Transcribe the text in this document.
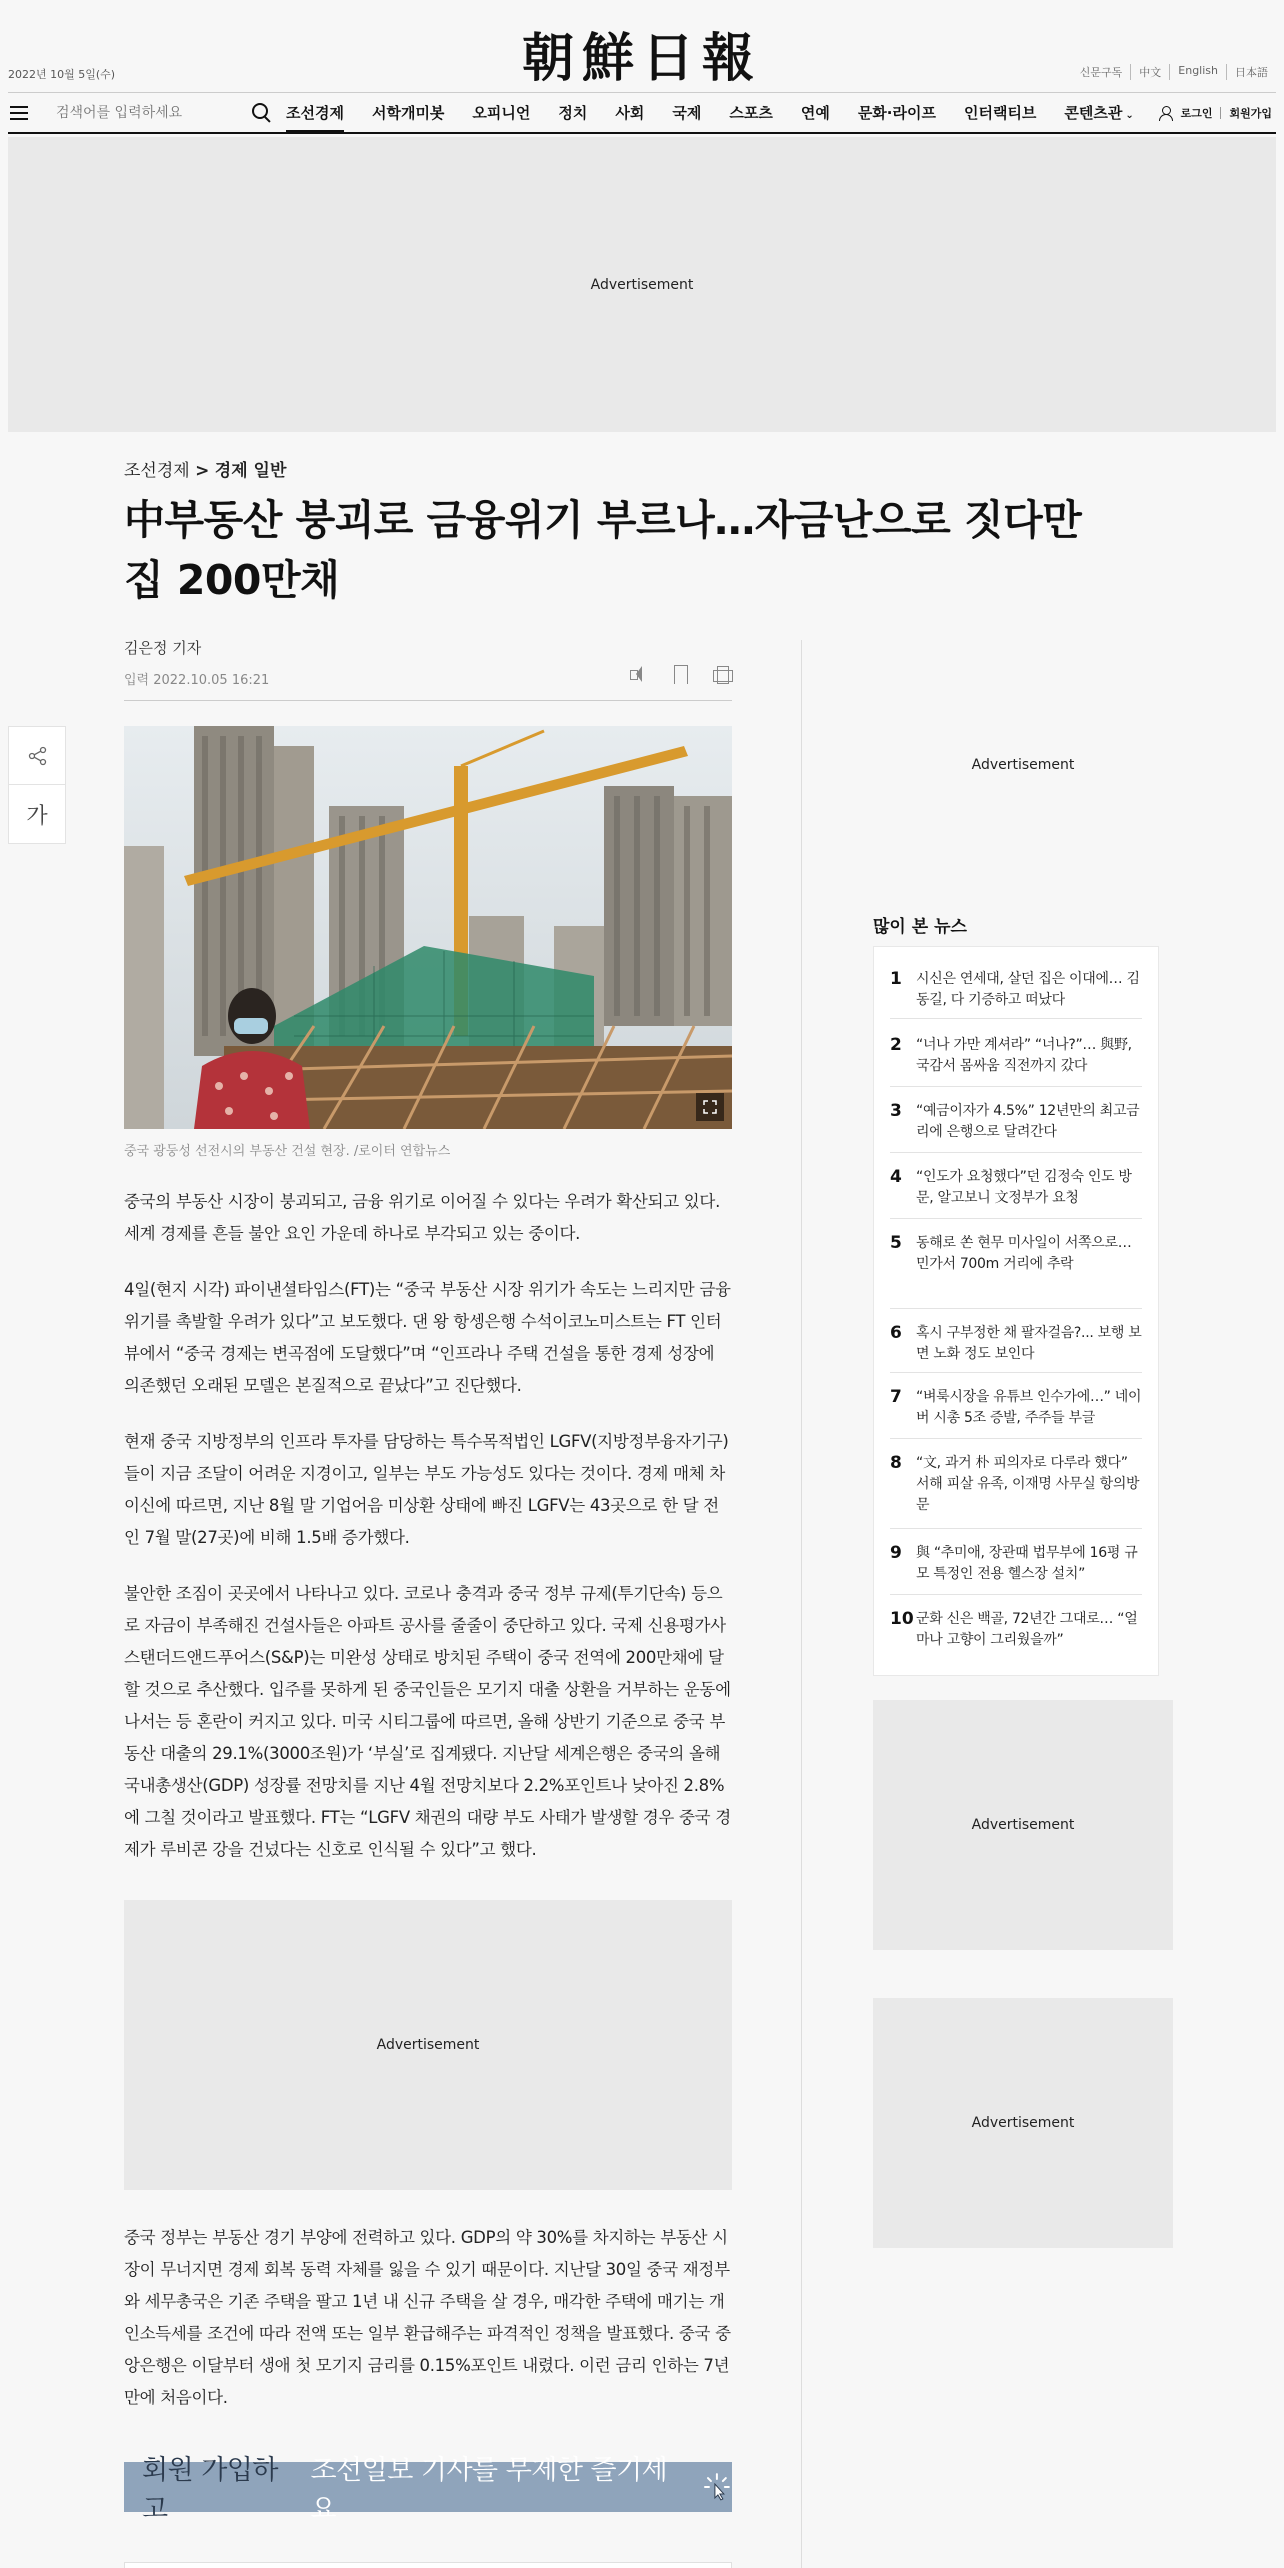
2022년 10월 5일(수)	朝鮮日報	신문구독	中文	English	日本語
검색어를 입력하세요
조선경제 서학개미봇 오피니언 정치 사회 국제 스포츠 연예 문화·라이프 인터랙티브 콘텐츠관 ⌄	로그인 회원가입
Advertisement
조선경제 > 경제 일반
中부동산 붕괴로 금융위기 부르나…자금난으로 짓다만 집 200만채
김은정 기자
입력 2022.10.05 16:21
가
중국 광둥성 선전시의 부동산 건설 현장. /로이터 연합뉴스

중국의 부동산 시장이 붕괴되고, 금융 위기로 이어질 수 있다는 우려가 확산되고 있다. 세계 경제를 흔들 불안 요인 가운데 하나로 부각되고 있는 중이다.

4일(현지 시각) 파이낸셜타임스(FT)는 “중국 부동산 시장 위기가 속도는 느리지만 금융 위기를 촉발할 우려가 있다”고 보도했다. 댄 왕 항셍은행 수석이코노미스트는 FT 인터뷰에서 “중국 경제는 변곡점에 도달했다”며 “인프라나 주택 건설을 통한 경제 성장에 의존했던 오래된 모델은 본질적으로 끝났다”고 진단했다.

현재 중국 지방정부의 인프라 투자를 담당하는 특수목적법인 LGFV(지방정부융자기구)들이 지금 조달이 어려운 지경이고, 일부는 부도 가능성도 있다는 것이다. 경제 매체 차이신에 따르면, 지난 8월 말 기업어음 미상환 상태에 빠진 LGFV는 43곳으로 한 달 전인 7월 말(27곳)에 비해 1.5배 증가했다.

불안한 조짐이 곳곳에서 나타나고 있다. 코로나 충격과 중국 정부 규제(투기단속) 등으로 자금이 부족해진 건설사들은 아파트 공사를 줄줄이 중단하고 있다. 국제 신용평가사 스탠더드앤드푸어스(S&P)는 미완성 상태로 방치된 주택이 중국 전역에 200만채에 달할 것으로 추산했다. 입주를 못하게 된 중국인들은 모기지 대출 상환을 거부하는 운동에 나서는 등 혼란이 커지고 있다. 미국 시티그룹에 따르면, 올해 상반기 기준으로 중국 부동산 대출의 29.1%(3000조원)가 ‘부실’로 집계됐다. 지난달 세계은행은 중국의 올해 국내총생산(GDP) 성장률 전망치를 지난 4월 전망치보다 2.2%포인트나 낮아진 2.8%에 그칠 것이라고 발표했다. FT는 “LGFV 채권의 대량 부도 사태가 발생할 경우 중국 경제가 루비콘 강을 건넜다는 신호로 인식될 수 있다”고 했다.

Advertisement

중국 정부는 부동산 경기 부양에 전력하고 있다. GDP의 약 30%를 차지하는 부동산 시장이 무너지면 경제 회복 동력 자체를 잃을 수 있기 때문이다. 지난달 30일 중국 재정부와 세무총국은 기존 주택을 팔고 1년 내 신규 주택을 살 경우, 매각한 주택에 매기는 개인소득세를 조건에 따라 전액 또는 일부 환급해주는 파격적인 정책을 발표했다. 중국 중앙은행은 이달부터 생애 첫 모기지 금리를 0.15%포인트 내렸다. 이런 금리 인하는 7년 만에 처음이다.

회원 가입하고
조선일보 기사를 무제한 즐기세요
Advertisement
많이 본 뉴스
1	시신은 연세대, 살던 집은 이대에… 김동길, 다 기증하고 떠났다
2	“너나 가만 계셔라” “너나?”… 與野, 국감서 몸싸움 직전까지 갔다
3	“예금이자가 4.5%” 12년만의 최고금리에 은행으로 달려간다
4	“인도가 요청했다”던 김정숙 인도 방문, 알고보니 文정부가 요청
5	동해로 쏜 현무 미사일이 서쪽으로… 민가서 700m 거리에 추락
6	혹시 구부정한 채 팔자걸음?... 보행 보면 노화 정도 보인다
7	“벼룩시장을 유튜브 인수가에…” 네이버 시총 5조 증발, 주주들 부글
8	“文, 과거 朴 피의자로 다루라 했다” 서해 피살 유족, 이재명 사무실 항의방문
9	與 “추미애, 장관때 법무부에 16평 규모 특정인 전용 헬스장 설치”
10 군화 신은 백골, 72년간 그대로… “얼마나 고향이 그리웠을까”
Advertisement
Advertisement
